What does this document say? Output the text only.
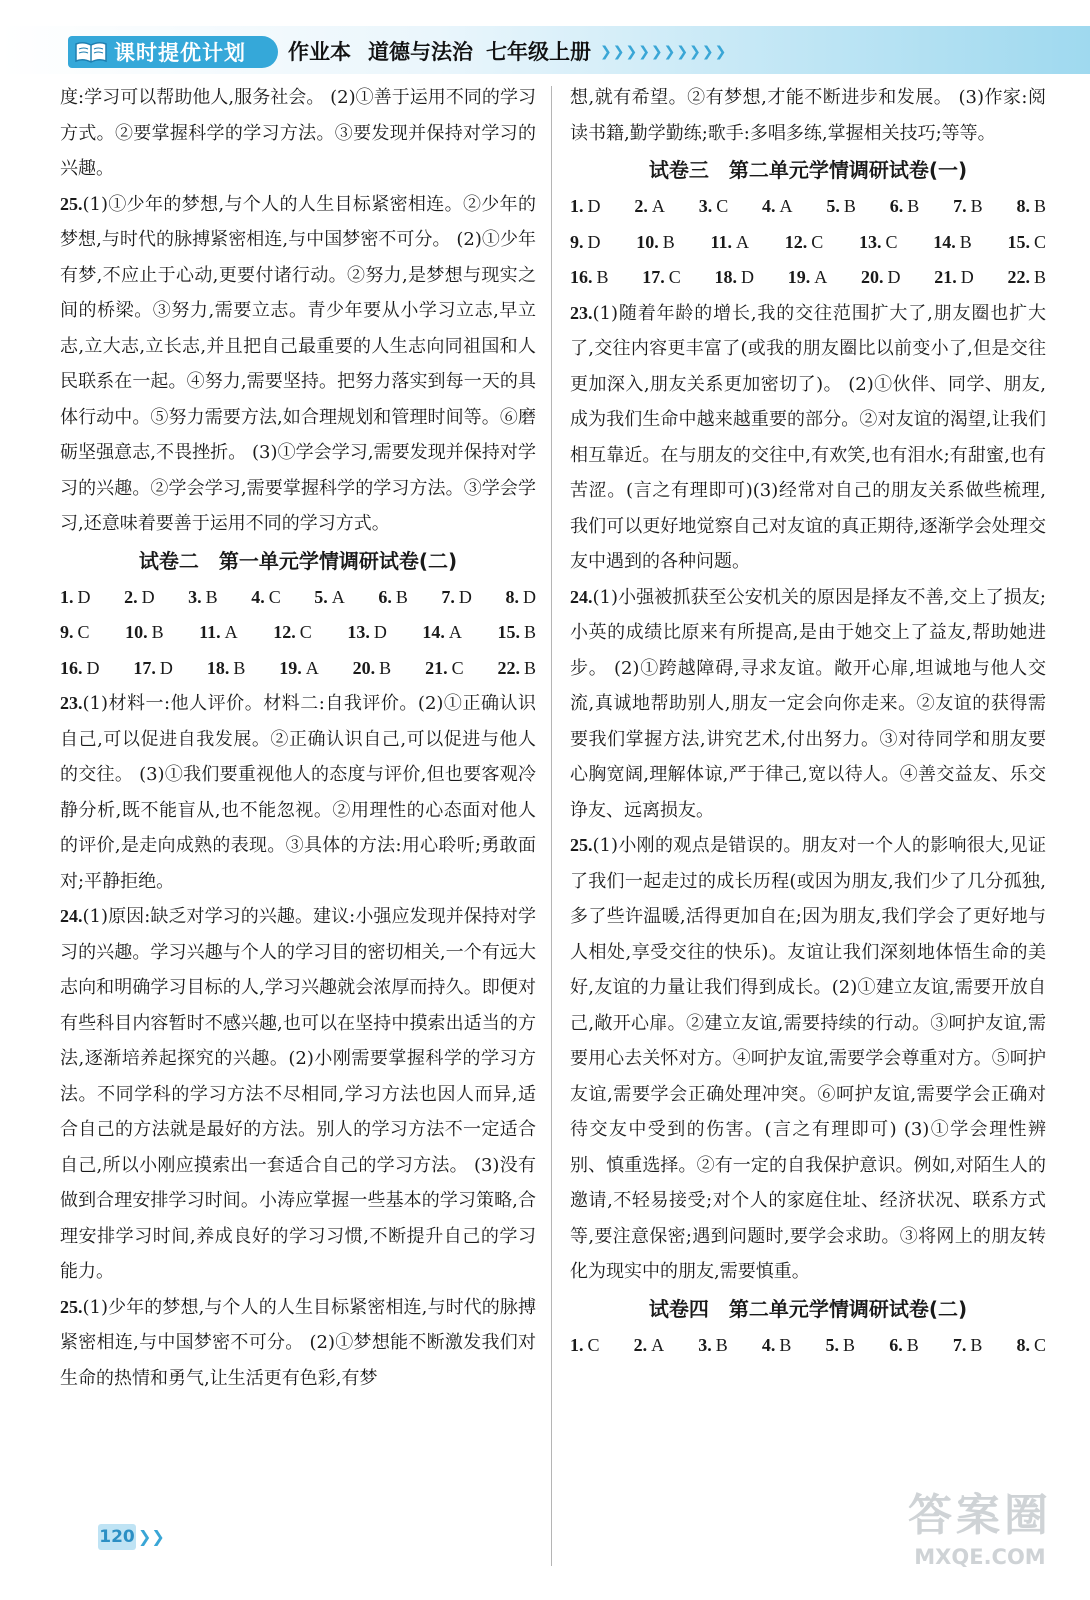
课时提优计划 作业本 道德与法治 七年级上册 ❯❯❯❯❯❯❯❯❯❯

度:学习可以帮助他人,服务社会。 (2)①善于运用不同的学习方式。②要掌握科学的学习方法。③要发现并保持对学习的兴趣。

25.(1)①少年的梦想,与个人的人生目标紧密相连。②少年的梦想,与时代的脉搏紧密相连,与中国梦密不可分。 (2)①少年有梦,不应止于心动,更要付诸行动。②努力,是梦想与现实之间的桥梁。③努力,需要立志。青少年要从小学习立志,早立志,立大志,立长志,并且把自己最重要的人生志向同祖国和人民联系在一起。④努力,需要坚持。把努力落实到每一天的具体行动中。⑤努力需要方法,如合理规划和管理时间等。⑥磨砺坚强意志,不畏挫折。 (3)①学会学习,需要发现并保持对学习的兴趣。②学会学习,需要掌握科学的学习方法。③学会学习,还意味着要善于运用不同的学习方式。

试卷二　第一单元学情调研试卷(二)
1. D 2. D 3. B 4. C 5. A 6. B 7. D 8. D
9. C 10. B 11. A 12. C 13. D 14. A 15. B
16. D 17. D 18. B 19. A 20. B 21. C 22. B

23.(1)材料一:他人评价。材料二:自我评价。(2)①正确认识自己,可以促进自我发展。②正确认识自己,可以促进与他人的交往。 (3)①我们要重视他人的态度与评价,但也要客观冷静分析,既不能盲从,也不能忽视。②用理性的心态面对他人的评价,是走向成熟的表现。③具体的方法:用心聆听;勇敢面对;平静拒绝。

24.(1)原因:缺乏对学习的兴趣。建议:小强应发现并保持对学习的兴趣。学习兴趣与个人的学习目的密切相关,一个有远大志向和明确学习目标的人,学习兴趣就会浓厚而持久。即便对有些科目内容暂时不感兴趣,也可以在坚持中摸索出适当的方法,逐渐培养起探究的兴趣。(2)小刚需要掌握科学的学习方法。不同学科的学习方法不尽相同,学习方法也因人而异,适合自己的方法就是最好的方法。别人的学习方法不一定适合自己,所以小刚应摸索出一套适合自己的学习方法。 (3)没有做到合理安排学习时间。小涛应掌握一些基本的学习策略,合理安排学习时间,养成良好的学习习惯,不断提升自己的学习能力。

25.(1)少年的梦想,与个人的人生目标紧密相连,与时代的脉搏紧密相连,与中国梦密不可分。 (2)①梦想能不断激发我们对生命的热情和勇气,让生活更有色彩,有梦

想,就有希望。②有梦想,才能不断进步和发展。 (3)作家:阅读书籍,勤学勤练;歌手:多唱多练,掌握相关技巧;等等。

试卷三　第二单元学情调研试卷(一)
1. D 2. A 3. C 4. A 5. B 6. B 7. B 8. B
9. D 10. B 11. A 12. C 13. C 14. B 15. C
16. B 17. C 18. D 19. A 20. D 21. D 22. B

23.(1)随着年龄的增长,我的交往范围扩大了,朋友圈也扩大了,交往内容更丰富了(或我的朋友圈比以前变小了,但是交往更加深入,朋友关系更加密切了)。 (2)①伙伴、同学、朋友,成为我们生命中越来越重要的部分。②对友谊的渴望,让我们相互靠近。在与朋友的交往中,有欢笑,也有泪水;有甜蜜,也有苦涩。(言之有理即可)(3)经常对自己的朋友关系做些梳理,我们可以更好地觉察自己对友谊的真正期待,逐渐学会处理交友中遇到的各种问题。

24.(1)小强被抓获至公安机关的原因是择友不善,交上了损友;小英的成绩比原来有所提高,是由于她交上了益友,帮助她进步。 (2)①跨越障碍,寻求友谊。敞开心扉,坦诚地与他人交流,真诚地帮助别人,朋友一定会向你走来。②友谊的获得需要我们掌握方法,讲究艺术,付出努力。③对待同学和朋友要心胸宽阔,理解体谅,严于律己,宽以待人。④善交益友、乐交诤友、远离损友。

25.(1)小刚的观点是错误的。朋友对一个人的影响很大,见证了我们一起走过的成长历程(或因为朋友,我们少了几分孤独,多了些许温暖,活得更加自在;因为朋友,我们学会了更好地与人相处,享受交往的快乐)。友谊让我们深刻地体悟生命的美好,友谊的力量让我们得到成长。(2)①建立友谊,需要开放自己,敞开心扉。②建立友谊,需要持续的行动。③呵护友谊,需要用心去关怀对方。④呵护友谊,需要学会尊重对方。⑤呵护友谊,需要学会正确处理冲突。⑥呵护友谊,需要学会正确对待交友中受到的伤害。(言之有理即可) (3)①学会理性辨别、慎重选择。②有一定的自我保护意识。例如,对陌生人的邀请,不轻易接受;对个人的家庭住址、经济状况、联系方式等,要注意保密;遇到问题时,要学会求助。③将网上的朋友转化为现实中的朋友,需要慎重。

试卷四　第二单元学情调研试卷(二)
1. C 2. A 3. B 4. B 5. B 6. B 7. B 8. C
120 ❯❯	答案圈
MXQE.COM
